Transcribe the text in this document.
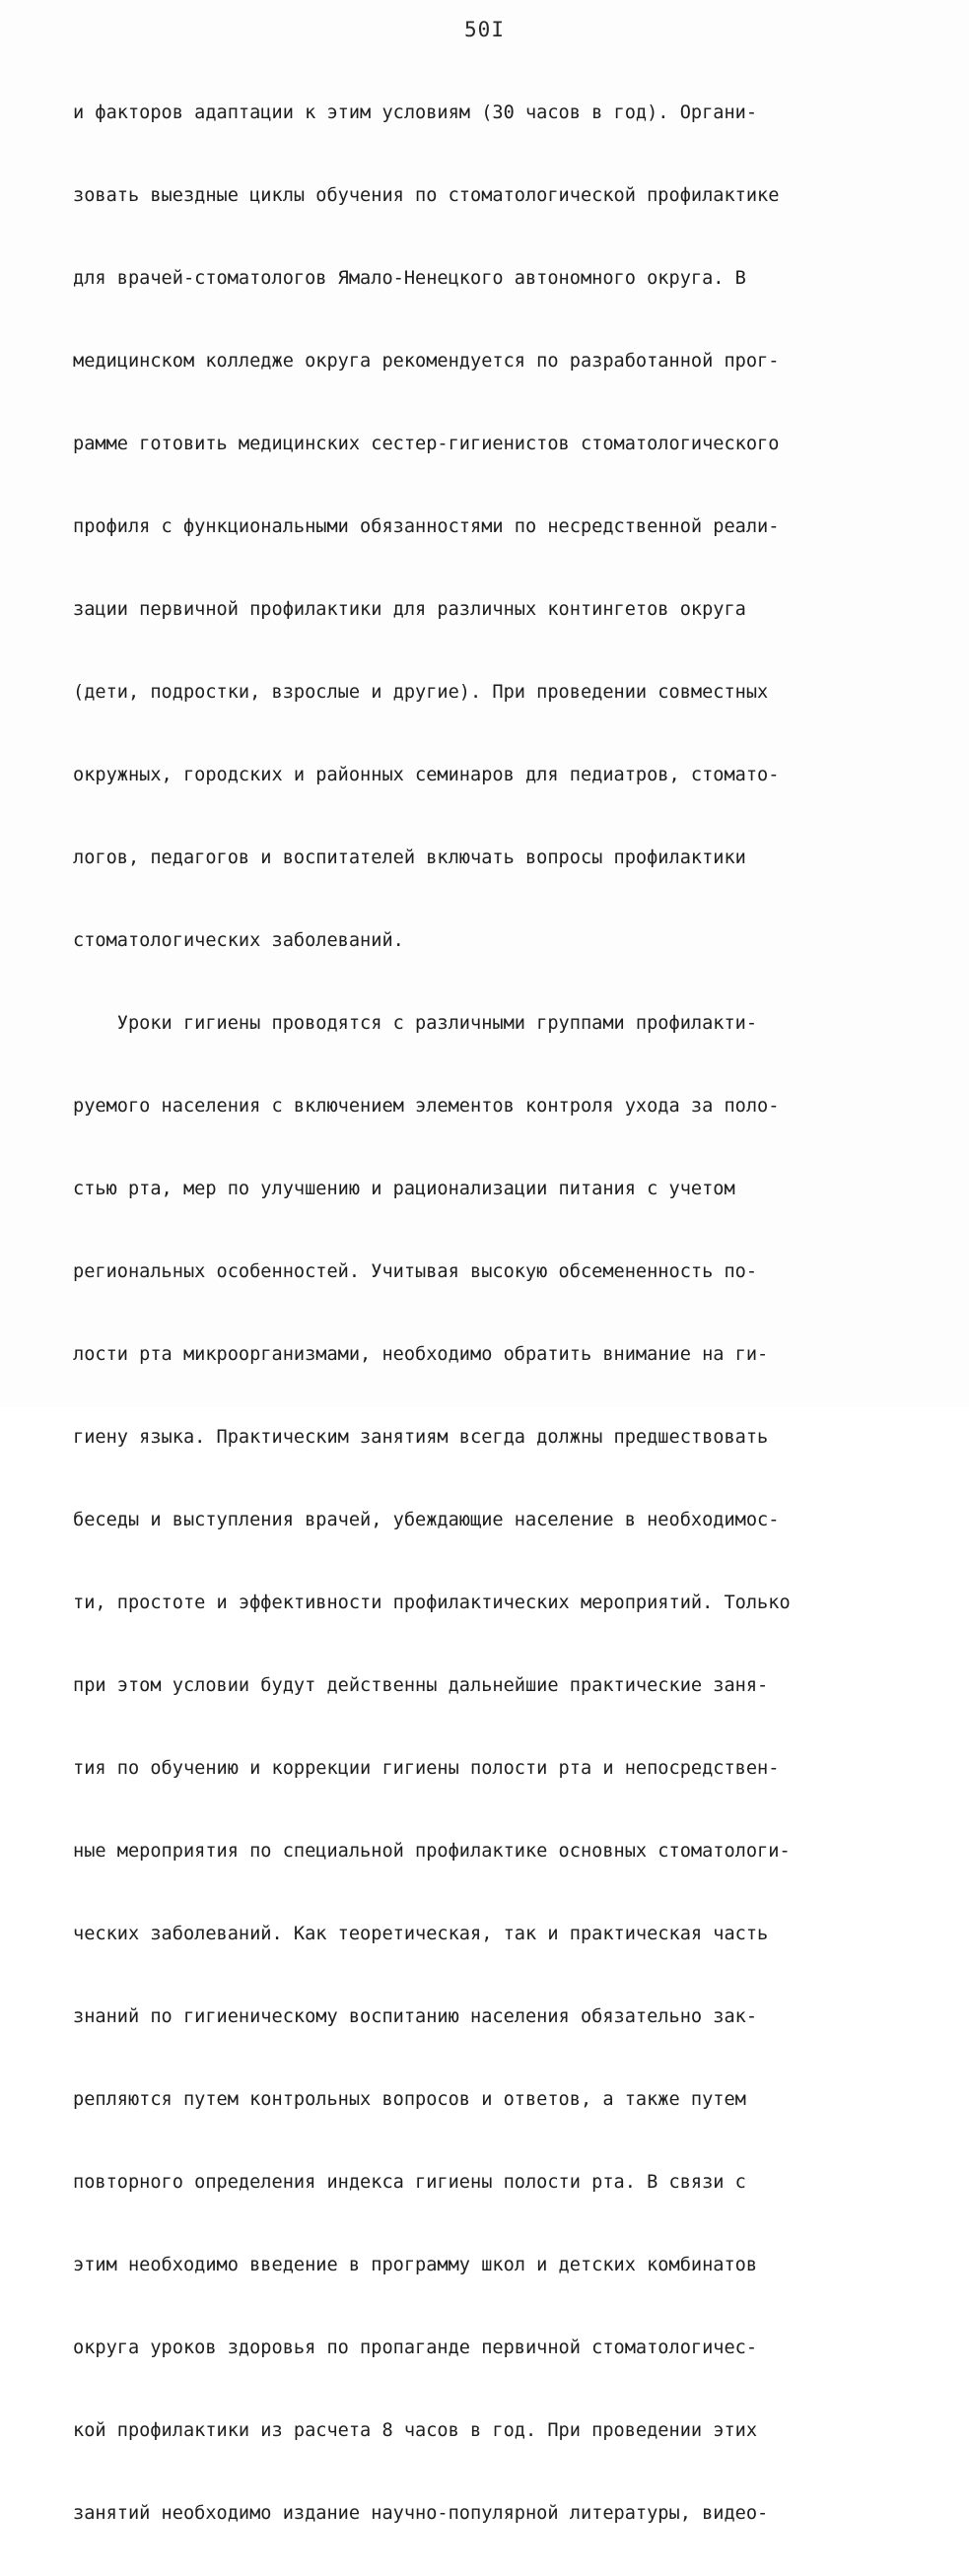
50I

и факторов адаптации к этим условиям (30 часов в год). Органи-

зовать выездные циклы обучения по стоматологической профилактике

для врачей-стоматологов Ямало-Ненецкого автономного округа. В

медицинском колледже округа рекомендуется по разработанной прог-

рамме готовить медицинских сестер-гигиенистов стоматологического

профиля с функциональными обязанностями по несредственной реали-

зации первичной профилактики для различных контингетов округа

(дети, подростки, взрослые и другие). При проведении совместных

окружных, городских и районных семинаров для педиатров, стомато-

логов, педагогов и воспитателей включать вопросы профилактики

стоматологических заболеваний.

Уроки гигиены проводятся с различными группами профилакти-

руемого населения с включением элементов контроля ухода за поло-

стью рта, мер по улучшению и рационализации питания с учетом

региональных особенностей. Учитывая высокую обсемененность по-

лости рта микроорганизмами, необходимо обратить внимание на ги-

гиену языка. Практическим занятиям всегда должны предшествовать

беседы и выступления врачей, убеждающие население в необходимос-

ти, простоте и эффективности профилактических мероприятий. Только

при этом условии будут действенны дальнейшие практические заня-

тия по обучению и коррекции гигиены полости рта и непосредствен-

ные мероприятия по специальной профилактике основных стоматологи-

ческих заболеваний. Как теоретическая, так и практическая часть

знаний по гигиеническому воспитанию населения обязательно зак-

репляются путем контрольных вопросов и ответов, а также путем

повторного определения индекса гигиены полости рта. В связи с

этим необходимо введение в программу школ и детских комбинатов

округа уроков здоровья по пропаганде первичной стоматологичес-

кой профилактики из расчета 8 часов в год. При проведении этих

занятий необходимо издание научно-популярной литературы, видео-
